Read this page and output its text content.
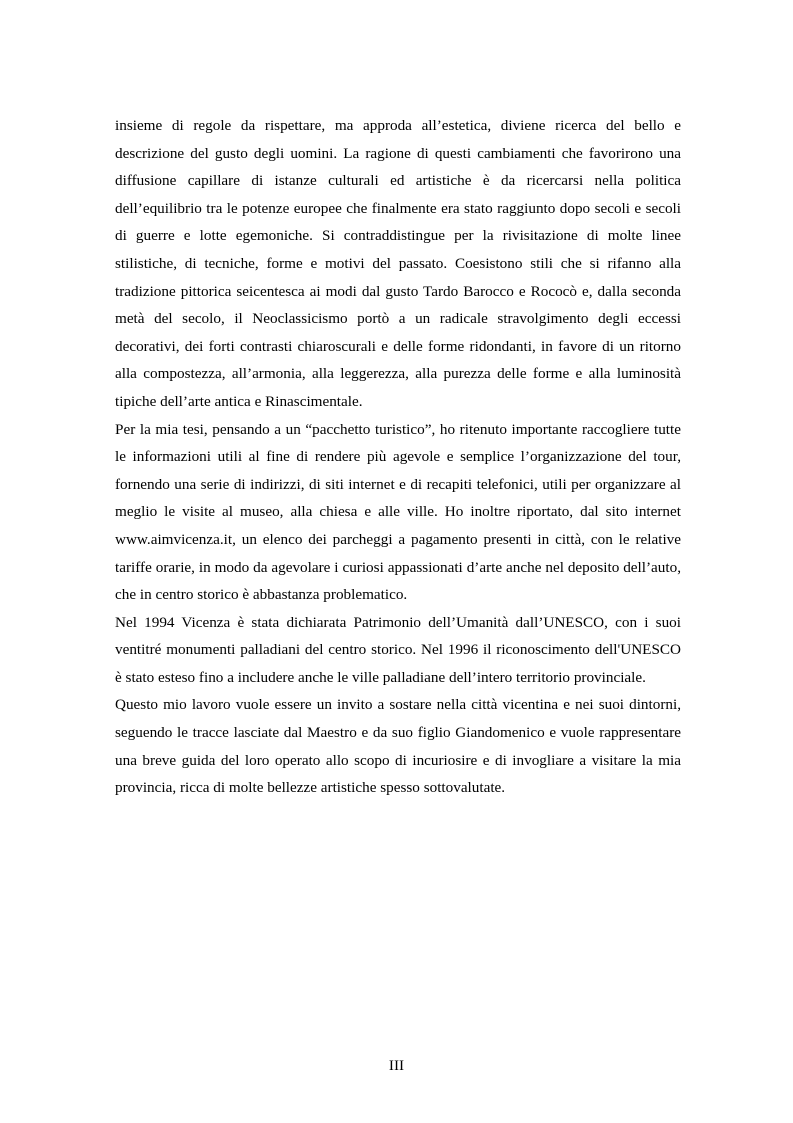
insieme di regole da rispettare, ma approda all’estetica, diviene ricerca del bello e descrizione del gusto degli uomini. La ragione di questi cambiamenti che favorirono una diffusione capillare di istanze culturali ed artistiche è da ricercarsi nella politica dell’equilibrio tra le potenze europee che finalmente era stato raggiunto dopo secoli e secoli di guerre e lotte egemoniche. Si contraddistingue per la rivisitazione di molte linee stilistiche, di tecniche, forme e motivi del passato. Coesistono stili che si rifanno alla tradizione pittorica seicentesca ai modi dal gusto Tardo Barocco e Rococò e, dalla seconda metà del secolo, il Neoclassicismo portò a un radicale stravolgimento degli eccessi decorativi, dei forti contrasti chiaroscurali e delle forme ridondanti, in favore di un ritorno alla compostezza, all’armonia, alla leggerezza, alla purezza delle forme e alla luminosità tipiche dell’arte antica e Rinascimentale.

Per la mia tesi, pensando a un “pacchetto turistico”, ho ritenuto importante raccogliere tutte le informazioni utili al fine di rendere più agevole e semplice l’organizzazione del tour, fornendo una serie di indirizzi, di siti internet e di recapiti telefonici, utili per organizzare al meglio le visite al museo, alla chiesa e alle ville. Ho inoltre riportato, dal sito internet www.aimvicenza.it, un elenco dei parcheggi a pagamento presenti in città, con le relative tariffe orarie, in modo da agevolare i curiosi appassionati d’arte anche nel deposito dell’auto, che in centro storico è abbastanza problematico.

Nel 1994 Vicenza è stata dichiarata Patrimonio dell’Umanità dall’UNESCO, con i suoi ventitré monumenti palladiani del centro storico. Nel 1996 il riconoscimento dell'UNESCO è stato esteso fino a includere anche le ville palladiane dell’intero territorio provinciale.

Questo mio lavoro vuole essere un invito a sostare nella città vicentina e nei suoi dintorni, seguendo le tracce lasciate dal Maestro e da suo figlio Giandomenico e vuole rappresentare una breve guida del loro operato allo scopo di incuriosire e di invogliare a visitare la mia provincia, ricca di molte bellezze artistiche spesso sottovalutate.

III
